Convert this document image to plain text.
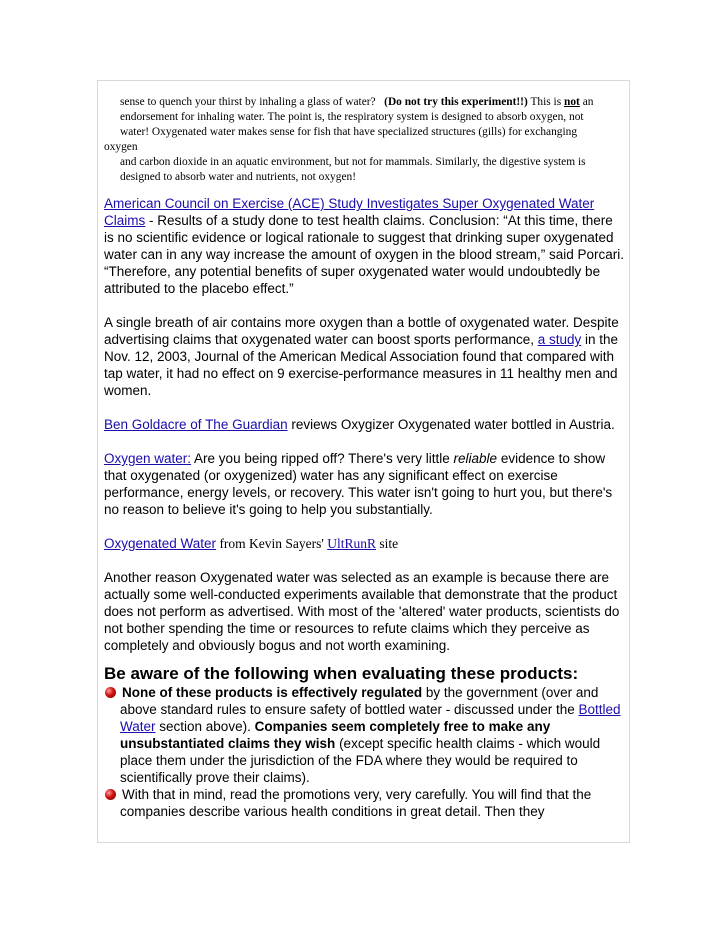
sense to quench your thirst by inhaling a glass of water? (Do not try this experiment!!) This is not an

endorsement for inhaling water. The point is, the respiratory system is designed to absorb oxygen, not

water! Oxygenated water makes sense for fish that have specialized structures (gills) for exchanging

oxygen

and carbon dioxide in an aquatic environment, but not for mammals. Similarly, the digestive system is

designed to absorb water and nutrients, not oxygen!

American Council on Exercise (ACE) Study Investigates Super Oxygenated Water Claims - Results of a study done to test health claims. Conclusion: “At this time, there is no scientific evidence or logical rationale to suggest that drinking super oxygenated water can in any way increase the amount of oxygen in the blood stream,” said Porcari. “Therefore, any potential benefits of super oxygenated water would undoubtedly be attributed to the placebo effect.”

A single breath of air contains more oxygen than a bottle of oxygenated water. Despite advertising claims that oxygenated water can boost sports performance, a study in the Nov. 12, 2003, Journal of the American Medical Association found that compared with tap water, it had no effect on 9 exercise-performance measures in 11 healthy men and women.

Ben Goldacre of The Guardian reviews Oxygizer Oxygenated water bottled in Austria.

Oxygen water: Are you being ripped off? There's very little reliable evidence to show that oxygenated (or oxygenized) water has any significant effect on exercise performance, energy levels, or recovery. This water isn't going to hurt you, but there's no reason to believe it's going to help you substantially.

Oxygenated Water from Kevin Sayers' UltRunR site

Another reason Oxygenated water was selected as an example is because there are actually some well-conducted experiments available that demonstrate that the product does not perform as advertised. With most of the 'altered' water products, scientists do not bother spending the time or resources to refute claims which they perceive as completely and obviously bogus and not worth examining.

Be aware of the following when evaluating these products:

None of these products is effectively regulated by the government (over and above standard rules to ensure safety of bottled water - discussed under the Bottled Water section above). Companies seem completely free to make any unsubstantiated claims they wish (except specific health claims - which would place them under the jurisdiction of the FDA where they would be required to scientifically prove their claims).
With that in mind, read the promotions very, very carefully. You will find that the companies describe various health conditions in great detail. Then they
